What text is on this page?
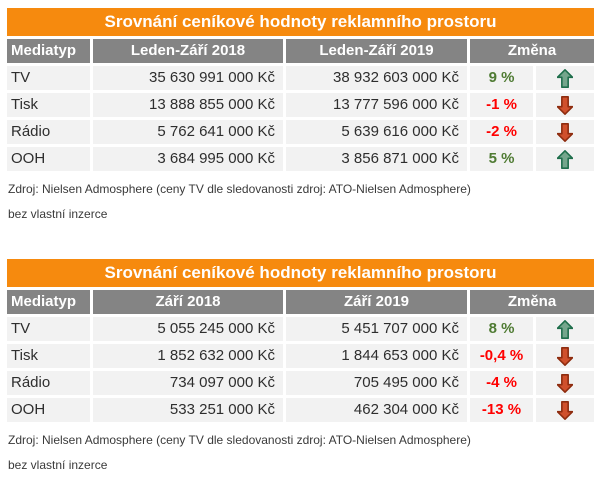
Srovnání ceníkové hodnoty reklamního prostoru
Mediatyp	Leden-Září 2018	Leden-Září 2019	Změna
TV	35 630 991 000 Kč	38 932 603 000 Kč	9 %
Tisk	13 888 855 000 Kč	13 777 596 000 Kč	-1 %
Rádio	5 762 641 000 Kč	5 639 616 000 Kč	-2 %
OOH	3 684 995 000 Kč	3 856 871 000 Kč	5 %
Zdroj: Nielsen Admosphere (ceny TV dle sledovanosti zdroj: ATO-Nielsen Admosphere)
bez vlastní inzerce
Srovnání ceníkové hodnoty reklamního prostoru
Mediatyp	Září 2018	Září 2019	Změna
TV	5 055 245 000 Kč	5 451 707 000 Kč	8 %
Tisk	1 852 632 000 Kč	1 844 653 000 Kč	-0,4 %
Rádio	734 097 000 Kč	705 495 000 Kč	-4 %
OOH	533 251 000 Kč	462 304 000 Kč	-13 %
Zdroj: Nielsen Admosphere (ceny TV dle sledovanosti zdroj: ATO-Nielsen Admosphere)
bez vlastní inzerce
